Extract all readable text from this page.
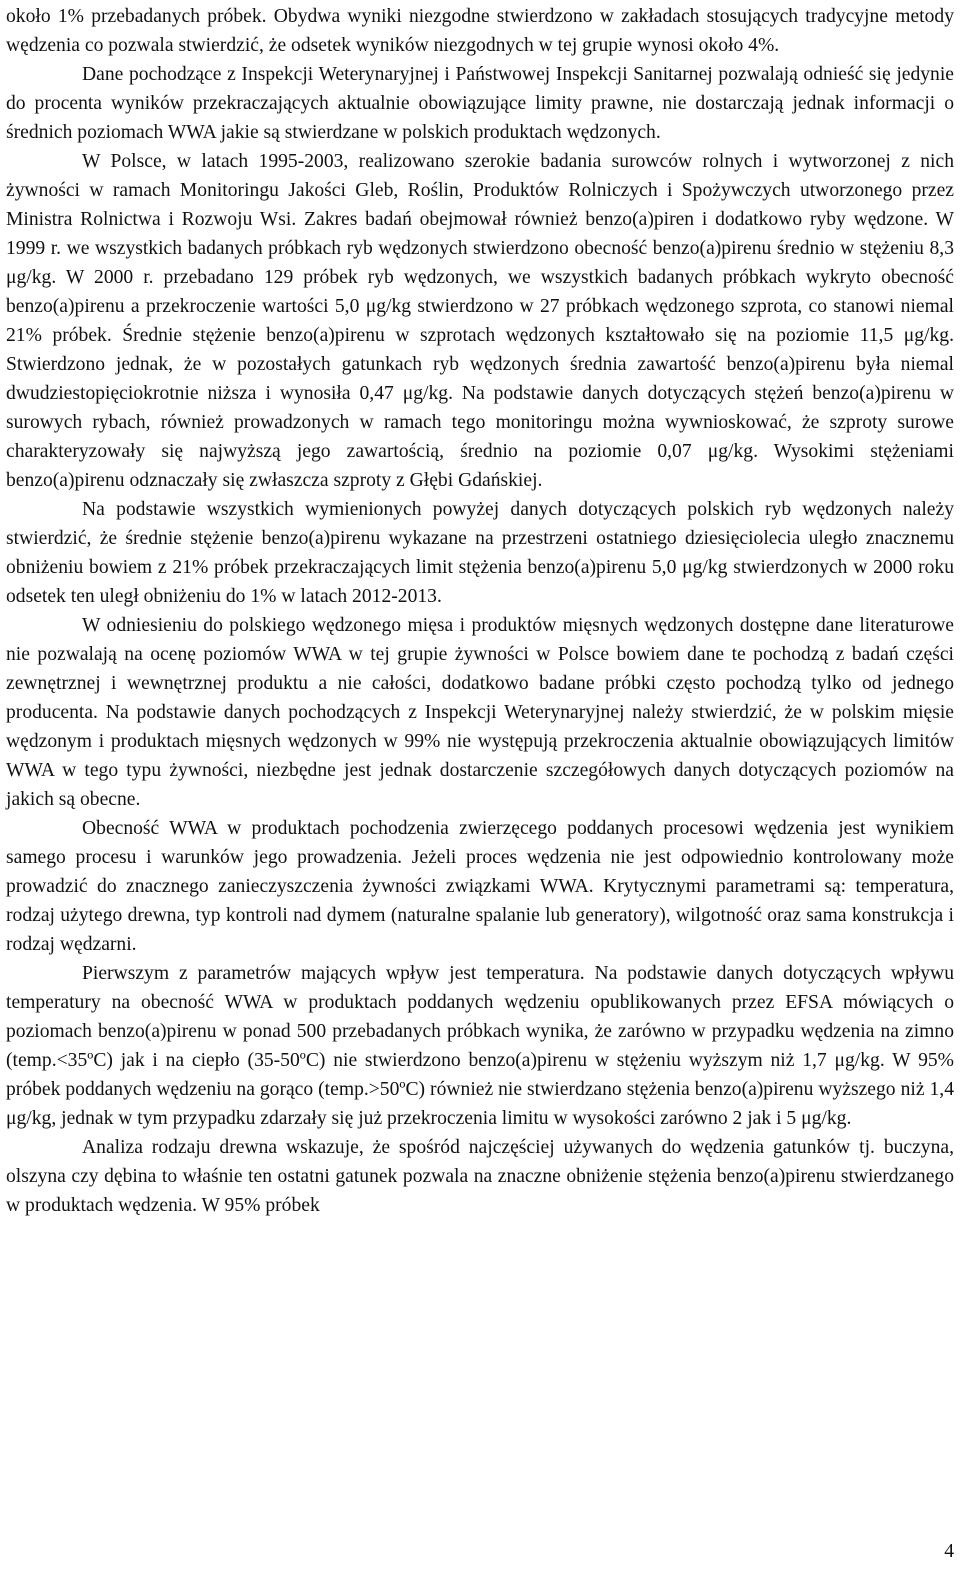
około 1% przebadanych próbek. Obydwa wyniki niezgodne stwierdzono w zakładach stosujących tradycyjne metody wędzenia co pozwala stwierdzić, że odsetek wyników niezgodnych w tej grupie wynosi około 4%.

Dane pochodzące z Inspekcji Weterynaryjnej i Państwowej Inspekcji Sanitarnej pozwalają odnieść się jedynie do procenta wyników przekraczających aktualnie obowiązujące limity prawne, nie dostarczają jednak informacji o średnich poziomach WWA jakie są stwierdzane w polskich produktach wędzonych.

W Polsce, w latach 1995-2003, realizowano szerokie badania surowców rolnych i wytworzonej z nich żywności w ramach Monitoringu Jakości Gleb, Roślin, Produktów Rolniczych i Spożywczych utworzonego przez Ministra Rolnictwa i Rozwoju Wsi. Zakres badań obejmował również benzo(a)piren i dodatkowo ryby wędzone. W 1999 r. we wszystkich badanych próbkach ryb wędzonych stwierdzono obecność benzo(a)pirenu średnio w stężeniu 8,3 μg/kg. W 2000 r. przebadano 129 próbek ryb wędzonych, we wszystkich badanych próbkach wykryto obecność benzo(a)pirenu a przekroczenie wartości 5,0 μg/kg stwierdzono w 27 próbkach wędzonego szprota, co stanowi niemal 21% próbek. Średnie stężenie benzo(a)pirenu w szprotach wędzonych kształtowało się na poziomie 11,5 μg/kg. Stwierdzono jednak, że w pozostałych gatunkach ryb wędzonych średnia zawartość benzo(a)pirenu była niemal dwudziestopięciokrotnie niższa i wynosiła 0,47 μg/kg. Na podstawie danych dotyczących stężeń benzo(a)pirenu w surowych rybach, również prowadzonych w ramach tego monitoringu można wywnioskować, że szproty surowe charakteryzowały się najwyższą jego zawartością, średnio na poziomie 0,07 μg/kg. Wysokimi stężeniami benzo(a)pirenu odznaczały się zwłaszcza szproty z Głębi Gdańskiej.

Na podstawie wszystkich wymienionych powyżej danych dotyczących polskich ryb wędzonych należy stwierdzić, że średnie stężenie benzo(a)pirenu wykazane na przestrzeni ostatniego dziesięciolecia uległo znacznemu obniżeniu bowiem z 21% próbek przekraczających limit stężenia benzo(a)pirenu 5,0 μg/kg stwierdzonych w 2000 roku odsetek ten uległ obniżeniu do 1% w latach 2012-2013.

W odniesieniu do polskiego wędzonego mięsa i produktów mięsnych wędzonych dostępne dane literaturowe nie pozwalają na ocenę poziomów WWA w tej grupie żywności w Polsce bowiem dane te pochodzą z badań części zewnętrznej i wewnętrznej produktu a nie całości, dodatkowo badane próbki często pochodzą tylko od jednego producenta. Na podstawie danych pochodzących z Inspekcji Weterynaryjnej należy stwierdzić, że w polskim mięsie wędzonym i produktach mięsnych wędzonych w 99% nie występują przekroczenia aktualnie obowiązujących limitów WWA w tego typu żywności, niezbędne jest jednak dostarczenie szczegółowych danych dotyczących poziomów na jakich są obecne.

Obecność WWA w produktach pochodzenia zwierzęcego poddanych procesowi wędzenia jest wynikiem samego procesu i warunków jego prowadzenia. Jeżeli proces wędzenia nie jest odpowiednio kontrolowany może prowadzić do znacznego zanieczyszczenia żywności związkami WWA. Krytycznymi parametrami są: temperatura, rodzaj użytego drewna, typ kontroli nad dymem (naturalne spalanie lub generatory), wilgotność oraz sama konstrukcja i rodzaj wędzarni.

Pierwszym z parametrów mających wpływ jest temperatura. Na podstawie danych dotyczących wpływu temperatury na obecność WWA w produktach poddanych wędzeniu opublikowanych przez EFSA mówiących o poziomach benzo(a)pirenu w ponad 500 przebadanych próbkach wynika, że zarówno w przypadku wędzenia na zimno (temp.<35ºC) jak i na ciepło (35-50ºC) nie stwierdzono benzo(a)pirenu w stężeniu wyższym niż 1,7 μg/kg. W 95% próbek poddanych wędzeniu na gorąco (temp.>50ºC) również nie stwierdzano stężenia benzo(a)pirenu wyższego niż 1,4 μg/kg, jednak w tym przypadku zdarzały się już przekroczenia limitu w wysokości zarówno 2 jak i 5 μg/kg.

Analiza rodzaju drewna wskazuje, że spośród najczęściej używanych do wędzenia gatunków tj. buczyna, olszyna czy dębina to właśnie ten ostatni gatunek pozwala na znaczne obniżenie stężenia benzo(a)pirenu stwierdzanego w produktach wędzenia. W 95% próbek

4
